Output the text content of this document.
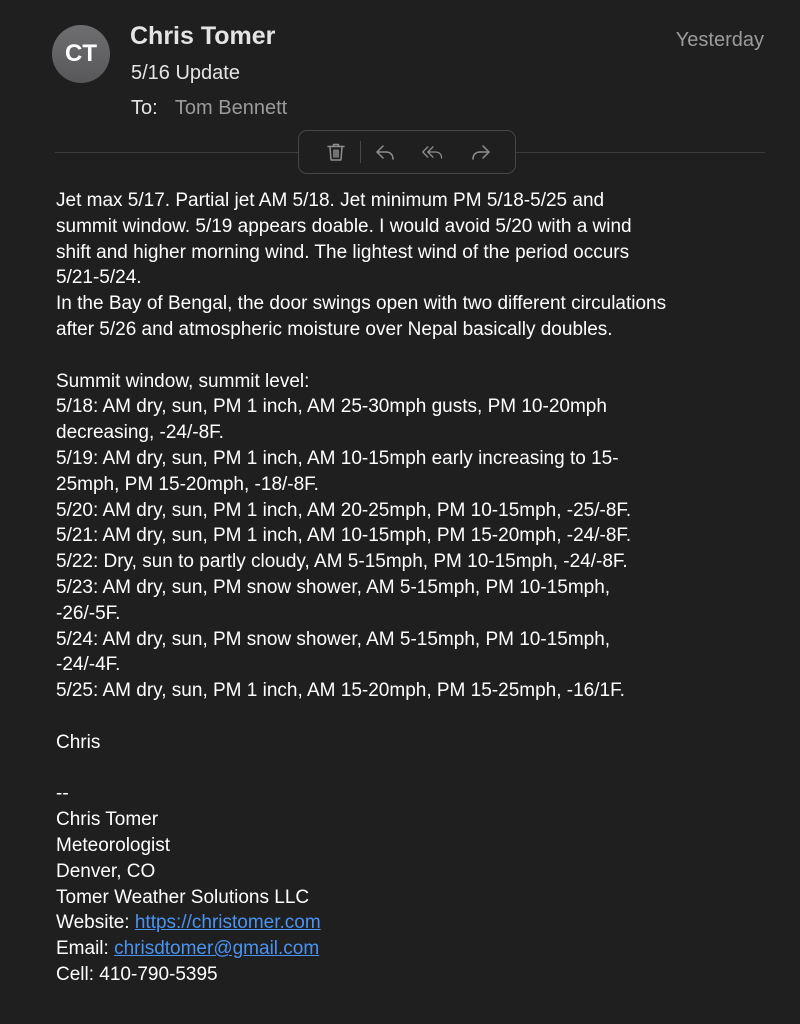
CT
Chris Tomer	Yesterday
5/16 Update
To: Tom Bennett

Jet max 5/17. Partial jet AM 5/18. Jet minimum PM 5/18-5/25 and

summit window. 5/19 appears doable. I would avoid 5/20 with a wind

shift and higher morning wind. The lightest wind of the period occurs

5/21-5/24.

In the Bay of Bengal, the door swings open with two different circulations

after 5/26 and atmospheric moisture over Nepal basically doubles.

Summit window, summit level:

5/18: AM dry, sun, PM 1 inch, AM 25-30mph gusts, PM 10-20mph

decreasing, -24/-8F.

5/19: AM dry, sun, PM 1 inch, AM 10-15mph early increasing to 15-

25mph, PM 15-20mph, -18/-8F.

5/20: AM dry, sun, PM 1 inch, AM 20-25mph, PM 10-15mph, -25/-8F.

5/21: AM dry, sun, PM 1 inch, AM 10-15mph, PM 15-20mph, -24/-8F.

5/22: Dry, sun to partly cloudy, AM 5-15mph, PM 10-15mph, -24/-8F.

5/23: AM dry, sun, PM snow shower, AM 5-15mph, PM 10-15mph,

-26/-5F.

5/24: AM dry, sun, PM snow shower, AM 5-15mph, PM 10-15mph,

-24/-4F.

5/25: AM dry, sun, PM 1 inch, AM 15-20mph, PM 15-25mph, -16/1F.

Chris

--

Chris Tomer

Meteorologist

Denver, CO

Tomer Weather Solutions LLC

Website: https://christomer.com

Email: chrisdtomer@gmail.com

Cell: 410-790-5395
